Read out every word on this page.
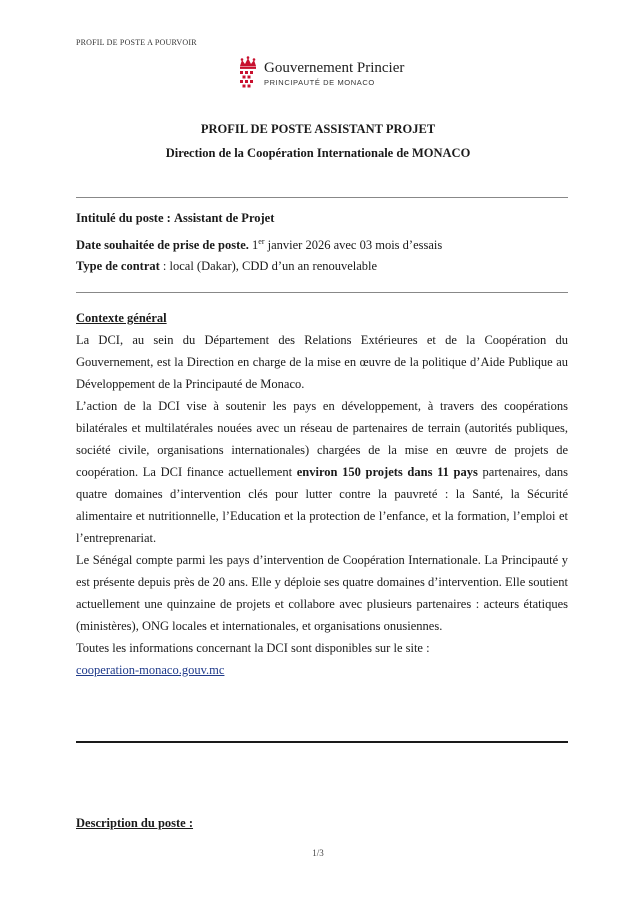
PROFIL DE POSTE A POURVOIR
Gouvernement Princier
PRINCIPAUTÉ DE MONACO
PROFIL DE POSTE ASSISTANT PROJET
Direction de la Coopération Internationale de MONACO
Intitulé du poste : Assistant de Projet
Date souhaitée de prise de poste. 1er janvier 2026 avec 03 mois d’essais
Type de contrat : local (Dakar), CDD d’un an renouvelable
Contexte général

La DCI, au sein du Département des Relations Extérieures et de la Coopération du Gouvernement, est la Direction en charge de la mise en œuvre de la politique d’Aide Publique au Développement de la Principauté de Monaco.

L’action de la DCI vise à soutenir les pays en développement, à travers des coopérations bilatérales et multilatérales nouées avec un réseau de partenaires de terrain (autorités publiques, société civile, organisations internationales) chargées de la mise en œuvre de projets de coopération. La DCI finance actuellement environ 150 projets dans 11 pays partenaires, dans quatre domaines d’intervention clés pour lutter contre la pauvreté : la Santé, la Sécurité alimentaire et nutritionnelle, l’Education et la protection de l’enfance, et la formation, l’emploi et l’entreprenariat.

Le Sénégal compte parmi les pays d’intervention de Coopération Internationale. La Principauté y est présente depuis près de 20 ans. Elle y déploie ses quatre domaines d’intervention. Elle soutient actuellement une quinzaine de projets et collabore avec plusieurs partenaires : acteurs étatiques (ministères), ONG locales et internationales, et organisations onusiennes.

Toutes les informations concernant la DCI sont disponibles sur le site :

cooperation-monaco.gouv.mc

Description du poste :
1/3
